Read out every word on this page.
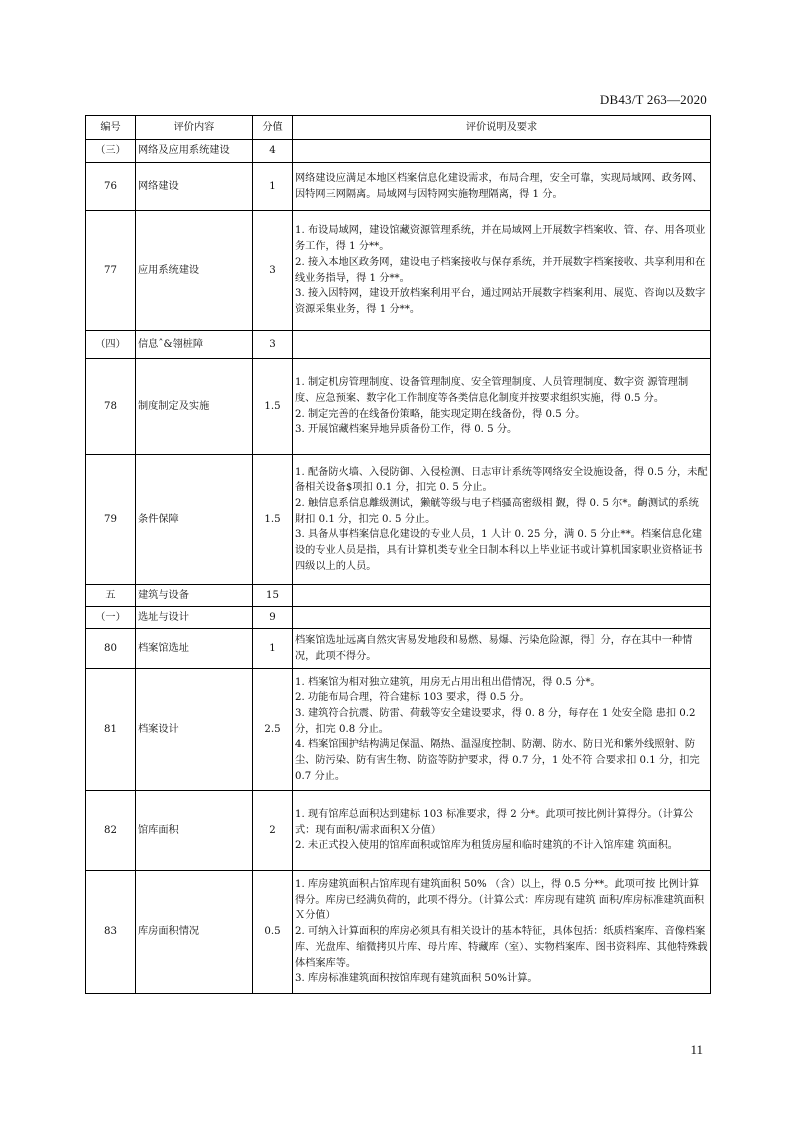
DB43/T 263—2020
编号	评价内容	分值	评价说明及要求
（三）	网络及应用系统建设	4	
76	网络建设	1	网络建设应满足本地区档案信息化建设需求，布局合理，安全可靠，实现局域网、政务网、因特网三网隔离。局域网与因特网实施物理隔离，得 1 分。

77	应用系统建设	3	1. 布设局域网，建设馆藏资源管理系统，并在局域网上开展数字档案收、管、存、用各项业务工作，得 1 分**。
2. 接入本地区政务网，建设电子档案接收与保存系统，并开展数字档案接收、共享利用和在线业务指导，得 1 分**。
3. 接入因特网，建设开放档案利用平台，通过网站开展数字档案利用、展览、咨询以及数字资源采集业务，得 1 分**。

（四）	信息ˆ&翎桩障	3	
78	制度制定及实施	1.5	1. 制定机房管理制度、设备管理制度、安全管理制度、人员管理制度、数字资 源管理制度、应急预案、数字化工作制度等各类信息化制度并按要求组织实施，得 0.5 分。
2. 制定完善的在线备份策略，能实现定期在线备份，得 0.5 分。
3. 开展馆藏档案异地异质备份工作，得 0. 5 分。

79	条件保障	1.5	1. 配备防火墙、入侵防御、入侵检测、日志审计系统等网络安全设施设备，得 0.5 分，未配备相关设备$项扣 0.1 分，扣完 0. 5 分止。
2. 触信息系信息離级测试，獭觥等级与电子档骚高密级相 觐，得 0. 5 尔*。齣测试的系统財扣 0.1 分，扣完 0. 5 分止。
3. 具备从事档案信息化建设的专业人员，1 人计 0. 25 分，满 0. 5 分止**。档案信息化建设的专业人员是指，具有计算机类专业全日制本科以上毕业证书或计算机国家职业资格证书四级以上的人员。

五	建筑与设备	15	
（一）	选址与设计	9	
80	档案馆选址	1	档案馆选址远离自然灾害易发地段和易燃、易爆、污染危险源，得］分，存在其中一种情况，此项不得分。

81	档案设计	2.5	1. 档案馆为相对独立建筑，用房无占用出租出借情况，得 0.5 分*。
2. 功能布局合理，符合建标 103 要求，得 0.5 分。
3. 建筑符合抗震、防雷、荷载等安全建设要求，得 0. 8 分，每存在 1 处安全隐 患扣 0.2 分，扣完 0.8 分止。
4. 档案馆围护结构满足保温、隔热、温湿度控制、防潮、防水、防日光和紫外线照射、防尘、防污染、防有害生物、防盗等防护要求，得 0.7 分，1 处不符 合要求扣 0.1 分，扣完 0.7 分止。

82	馆库面积	2	1. 现有馆库总面积达到建标 103 标准要求，得 2 分*。此项可按比例计算得分。（计算公式：现有面积/需求面积Ｘ分值）
2. 未正式投入使用的馆库面积或馆库为租赁房屋和临时建筑的不计入馆库建 筑面积。

83	库房面积情况	0.5	1. 库房建筑面积占馆库现有建筑面积 50% （含）以上，得 0.5 分**。此项可按 比例计算得分。库房已经满负荷的，此项不得分。（计算公式：库房现有建筑 面积/库房标准建筑面积Ｘ分值）
2. 可纳入计算面积的库房必须具有相关设计的基本特征，具体包括：纸质档案库、音像档案库、光盘库、缩微拷贝片库、母片库、特藏库（室）、实物档案库、图书资料库、其他特殊载体档案库等。
3. 库房标准建筑面积按馆库现有建筑面积 50%计算。
11
